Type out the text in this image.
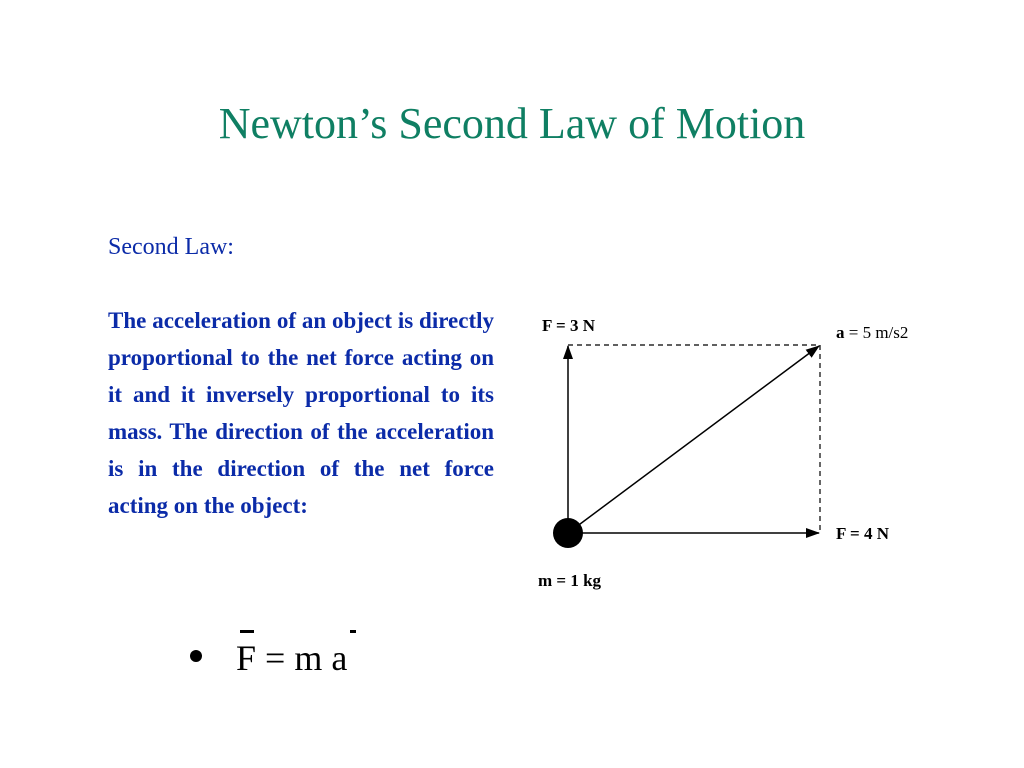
Newton’s Second Law of Motion
Second Law:
The acceleration of an object is directly proportional to the net force acting on it and it inversely proportional to its mass. The direction of the acceleration is in the direction of the net force acting on the object:
F = 3 N	a = 5 m/s2
F = 4 N
m = 1 kg
F = m a
